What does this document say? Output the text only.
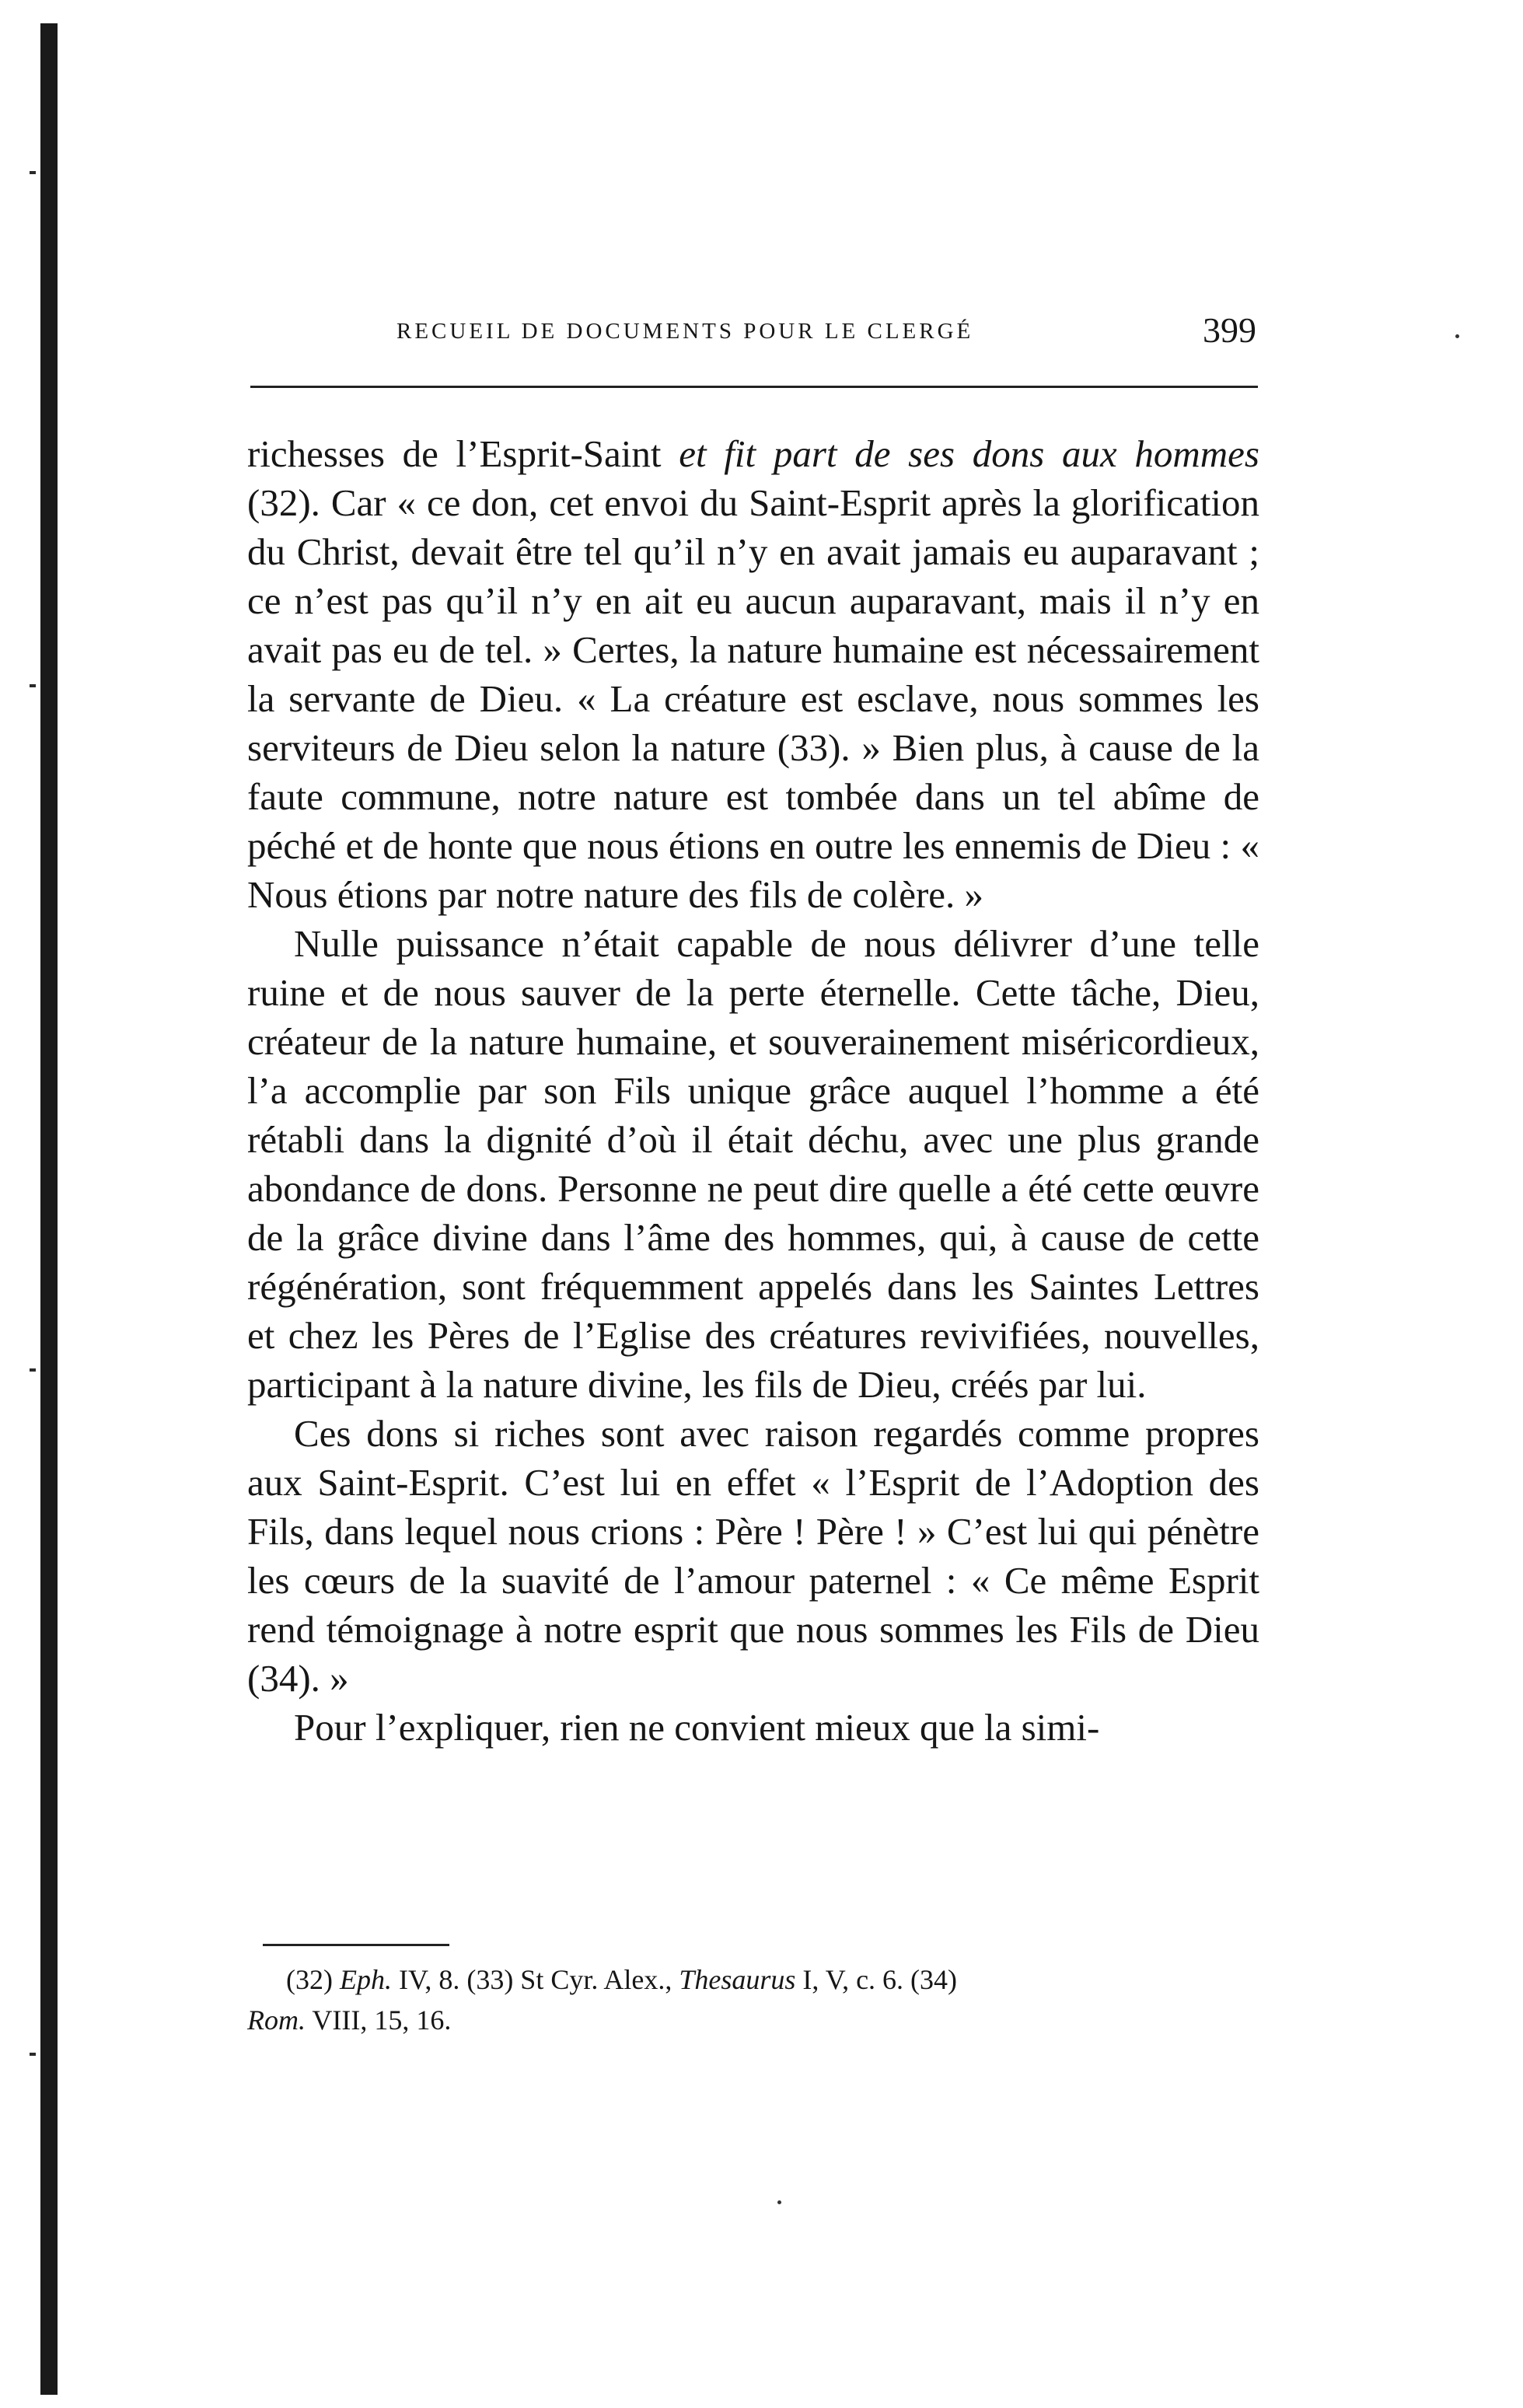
RECUEIL DE DOCUMENTS POUR LE CLERGÉ	399

richesses de l’Esprit-Saint et fit part de ses dons aux hommes (32). Car « ce don, cet envoi du Saint-Esprit après la glorification du Christ, devait être tel qu’il n’y en avait jamais eu auparavant ; ce n’est pas qu’il n’y en ait eu aucun auparavant, mais il n’y en avait pas eu de tel. » Certes, la nature humaine est nécessairement la servante de Dieu. « La créature est esclave, nous sommes les serviteurs de Dieu selon la nature (33). » Bien plus, à cause de la faute commune, notre nature est tombée dans un tel abîme de péché et de honte que nous étions en outre les ennemis de Dieu : « Nous étions par notre nature des fils de colère. »

Nulle puissance n’était capable de nous délivrer d’une telle ruine et de nous sauver de la perte éternelle. Cette tâche, Dieu, créateur de la nature humaine, et souverainement miséricordieux, l’a accomplie par son Fils unique grâce auquel l’homme a été rétabli dans la dignité d’où il était déchu, avec une plus grande abondance de dons. Personne ne peut dire quelle a été cette œuvre de la grâce divine dans l’âme des hommes, qui, à cause de cette régénération, sont fréquemment appelés dans les Saintes Lettres et chez les Pères de l’Eglise des créatures revivifiées, nouvelles, participant à la nature divine, les fils de Dieu, créés par lui.

Ces dons si riches sont avec raison regardés comme propres aux Saint-Esprit. C’est lui en effet « l’Esprit de l’Adoption des Fils, dans lequel nous crions : Père ! Père ! » C’est lui qui pénètre les cœurs de la suavité de l’amour paternel : « Ce même Esprit rend témoignage à notre esprit que nous sommes les Fils de Dieu (34). »

Pour l’expliquer, rien ne convient mieux que la simi-

(32) Eph. IV, 8. (33) St Cyr. Alex., Thesaurus I, V, c. 6. (34)
Rom. VIII, 15, 16.
